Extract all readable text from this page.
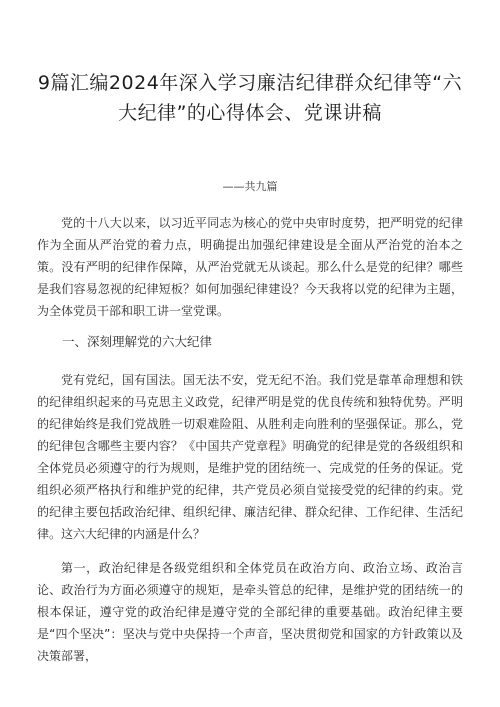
9篇汇编2024年深入学习廉洁纪律群众纪律等“六大纪律”的心得体会、党课讲稿

——共九篇

党的十八大以来，以习近平同志为核心的党中央审时度势，把严明党的纪律作为全面从严治党的着力点，明确提出加强纪律建设是全面从严治党的治本之策。没有严明的纪律作保障，从严治党就无从谈起。那么什么是党的纪律？哪些是我们容易忽视的纪律短板？如何加强纪律建设？今天我将以党的纪律为主题，为全体党员干部和职工讲一堂党课。

一、深刻理解党的六大纪律

党有党纪，国有国法。国无法不安，党无纪不治。我们党是靠革命理想和铁的纪律组织起来的马克思主义政党，纪律严明是党的优良传统和独特优势。严明的纪律始终是我们党战胜一切艰难险阻、从胜利走向胜利的坚强保证。那么，党的纪律包含哪些主要内容？《中国共产党章程》明确党的纪律是党的各级组织和全体党员必须遵守的行为规则，是维护党的团结统一、完成党的任务的保证。党组织必须严格执行和维护党的纪律，共产党员必须自觉接受党的纪律的约束。党的纪律主要包括政治纪律、组织纪律、廉洁纪律、群众纪律、工作纪律、生活纪律。这六大纪律的内涵是什么？

第一，政治纪律是各级党组织和全体党员在政治方向、政治立场、政治言论、政治行为方面必须遵守的规矩，是牵头管总的纪律，是维护党的团结统一的根本保证，遵守党的政治纪律是遵守党的全部纪律的重要基础。政治纪律主要是“四个坚决”：坚决与党中央保持一个声音，坚决贯彻党和国家的方针政策以及决策部署，
